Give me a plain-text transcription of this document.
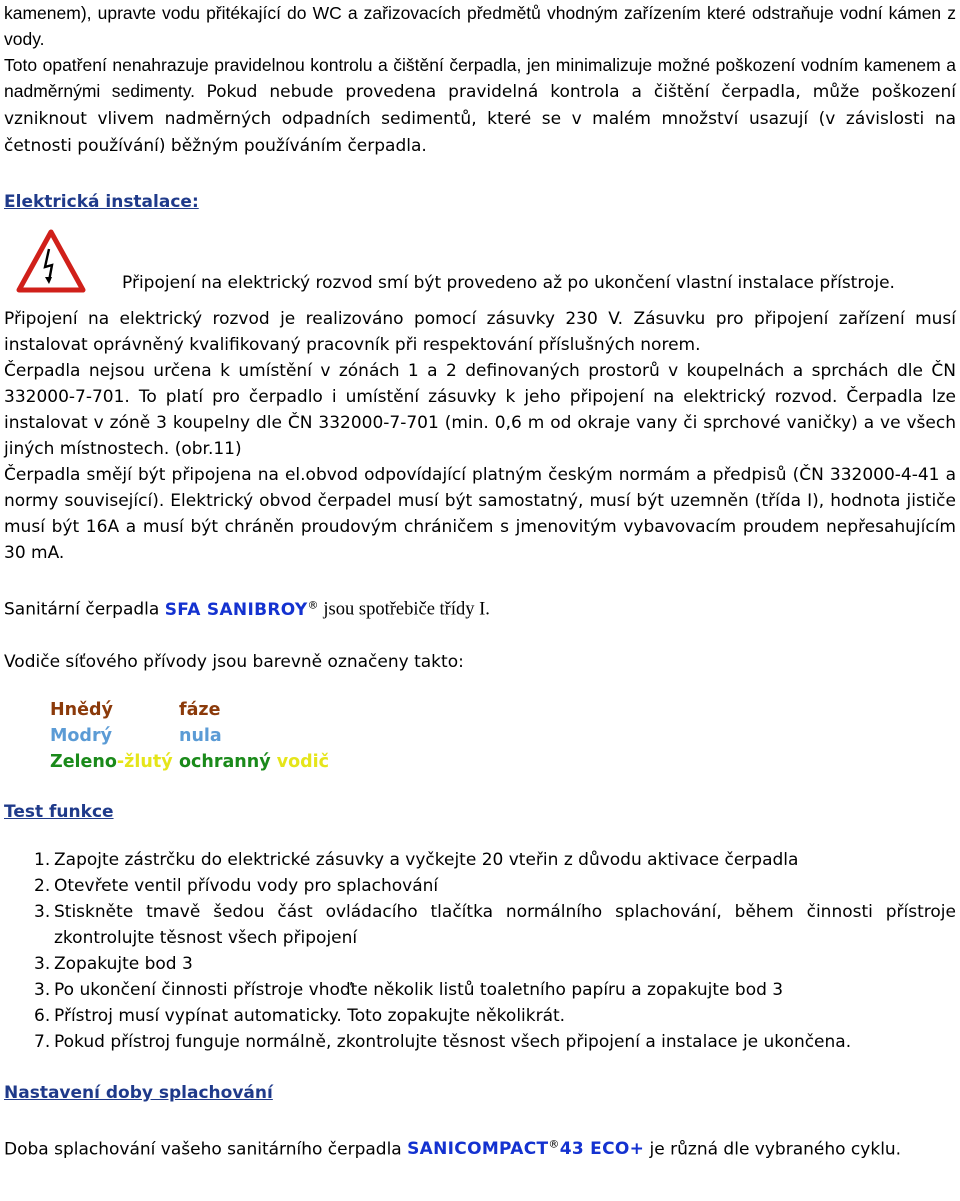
kamenem), upravte vodu přitékající do WC a zařizovacích předmětů vhodným zařízením které odstraňuje vodní kámen z vody.

Toto opatření nenahrazuje pravidelnou kontrolu a čištění čerpadla, jen minimalizuje možné poškození vodním kamenem a nadměrnými sedimenty. Pokud nebude provedena pravidelná kontrola a čištění čerpadla, může poškození vzniknout vlivem nadměrných odpadních sedimentů, které se v malém množství usazují (v závislosti na četnosti používání) běžným používáním čerpadla.

Elektrická instalace:
Připojení na elektrický rozvod smí být provedeno až po ukončení vlastní instalace přístroje.

Připojení na elektrický rozvod je realizováno pomocí zásuvky 230 V. Zásuvku pro připojení zařízení musí instalovat oprávněný kvalifikovaný pracovník při respektování příslušných norem.

Čerpadla nejsou určena k umístění v zónách 1 a 2 definovaných prostorů v koupelnách a sprchách dle ČN 332000-7-701. To platí pro čerpadlo i umístění zásuvky k jeho připojení na elektrický rozvod. Čerpadla lze instalovat v zóně 3 koupelny dle ČN 332000-7-701 (min. 0,6 m od okraje vany či sprchové vaničky) a ve všech jiných místnostech. (obr.11)

Čerpadla smějí být připojena na el.obvod odpovídající platným českým normám a předpisů (ČN 332000-4-41 a normy související). Elektrický obvod čerpadel musí být samostatný, musí být uzemněn (třída I), hodnota jističe musí být 16A a musí být chráněn proudovým chráničem s jmenovitým vybavovacím proudem nepřesahujícím 30 mA.

Sanitární čerpadla SFA SANIBROY® jsou spotřebiče třídy I.

Vodiče síťového přívody jsou barevně označeny takto:

Hnědý	fáze
Modrý	nula
Zeleno-žlutý ochranný vodič
Test funkce
1. Zapojte zástrčku do elektrické zásuvky a vyčkejte 20 vteřin z důvodu aktivace čerpadla
2. Otevřete ventil přívodu vody pro splachování
3. Stiskněte tmavě šedou část ovládacího tlačítka normálního splachování, během činnosti přístroje zkontrolujte těsnost všech připojení
3. Zopakujte bod 3
3. Po ukončení činnosti přístroje vhoďte několik listů toaletního papíru a zopakujte bod 3
6. Přístroj musí vypínat automaticky. Toto zopakujte několikrát.
7. Pokud přístroj funguje normálně, zkontrolujte těsnost všech připojení a instalace je ukončena.
Nastavení doby splachování

Doba splachování vašeho sanitárního čerpadla SANICOMPACT®43 ECO+ je různá dle vybraného cyklu.
